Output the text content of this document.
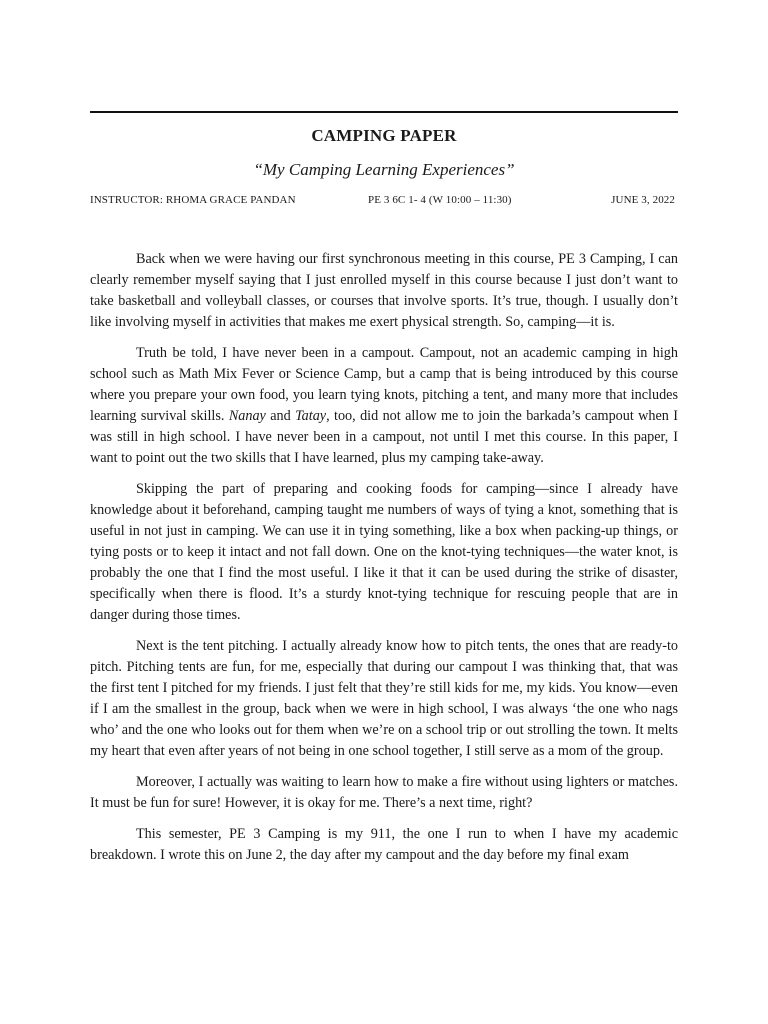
CAMPING PAPER
“My Camping Learning Experiences”
INSTRUCTOR: RHOMA GRACE PANDAN	PE 3 6C 1- 4 (W 10:00 – 11:30)	JUNE 3, 2022

Back when we were having our first synchronous meeting in this course, PE 3 Camping, I can clearly remember myself saying that I just enrolled myself in this course because I just don’t want to take basketball and volleyball classes, or courses that involve sports. It’s true, though. I usually don’t like involving myself in activities that makes me exert physical strength. So, camping—it is.

Truth be told, I have never been in a campout. Campout, not an academic camping in high school such as Math Mix Fever or Science Camp, but a camp that is being introduced by this course where you prepare your own food, you learn tying knots, pitching a tent, and many more that includes learning survival skills. Nanay and Tatay, too, did not allow me to join the barkada’s campout when I was still in high school. I have never been in a campout, not until I met this course. In this paper, I want to point out the two skills that I have learned, plus my camping take-away.

Skipping the part of preparing and cooking foods for camping—since I already have knowledge about it beforehand, camping taught me numbers of ways of tying a knot, something that is useful in not just in camping. We can use it in tying something, like a box when packing-up things, or tying posts or to keep it intact and not fall down. One on the knot-tying techniques—the water knot, is probably the one that I find the most useful. I like it that it can be used during the strike of disaster, specifically when there is flood. It’s a sturdy knot-tying technique for rescuing people that are in danger during those times.

Next is the tent pitching. I actually already know how to pitch tents, the ones that are ready-to pitch. Pitching tents are fun, for me, especially that during our campout I was thinking that, that was the first tent I pitched for my friends. I just felt that they’re still kids for me, my kids. You know—even if I am the smallest in the group, back when we were in high school, I was always ‘the one who nags who’ and the one who looks out for them when we’re on a school trip or out strolling the town. It melts my heart that even after years of not being in one school together, I still serve as a mom of the group.

Moreover, I actually was waiting to learn how to make a fire without using lighters or matches. It must be fun for sure! However, it is okay for me. There’s a next time, right?

This semester, PE 3 Camping is my 911, the one I run to when I have my academic breakdown. I wrote this on June 2, the day after my campout and the day before my final exam
